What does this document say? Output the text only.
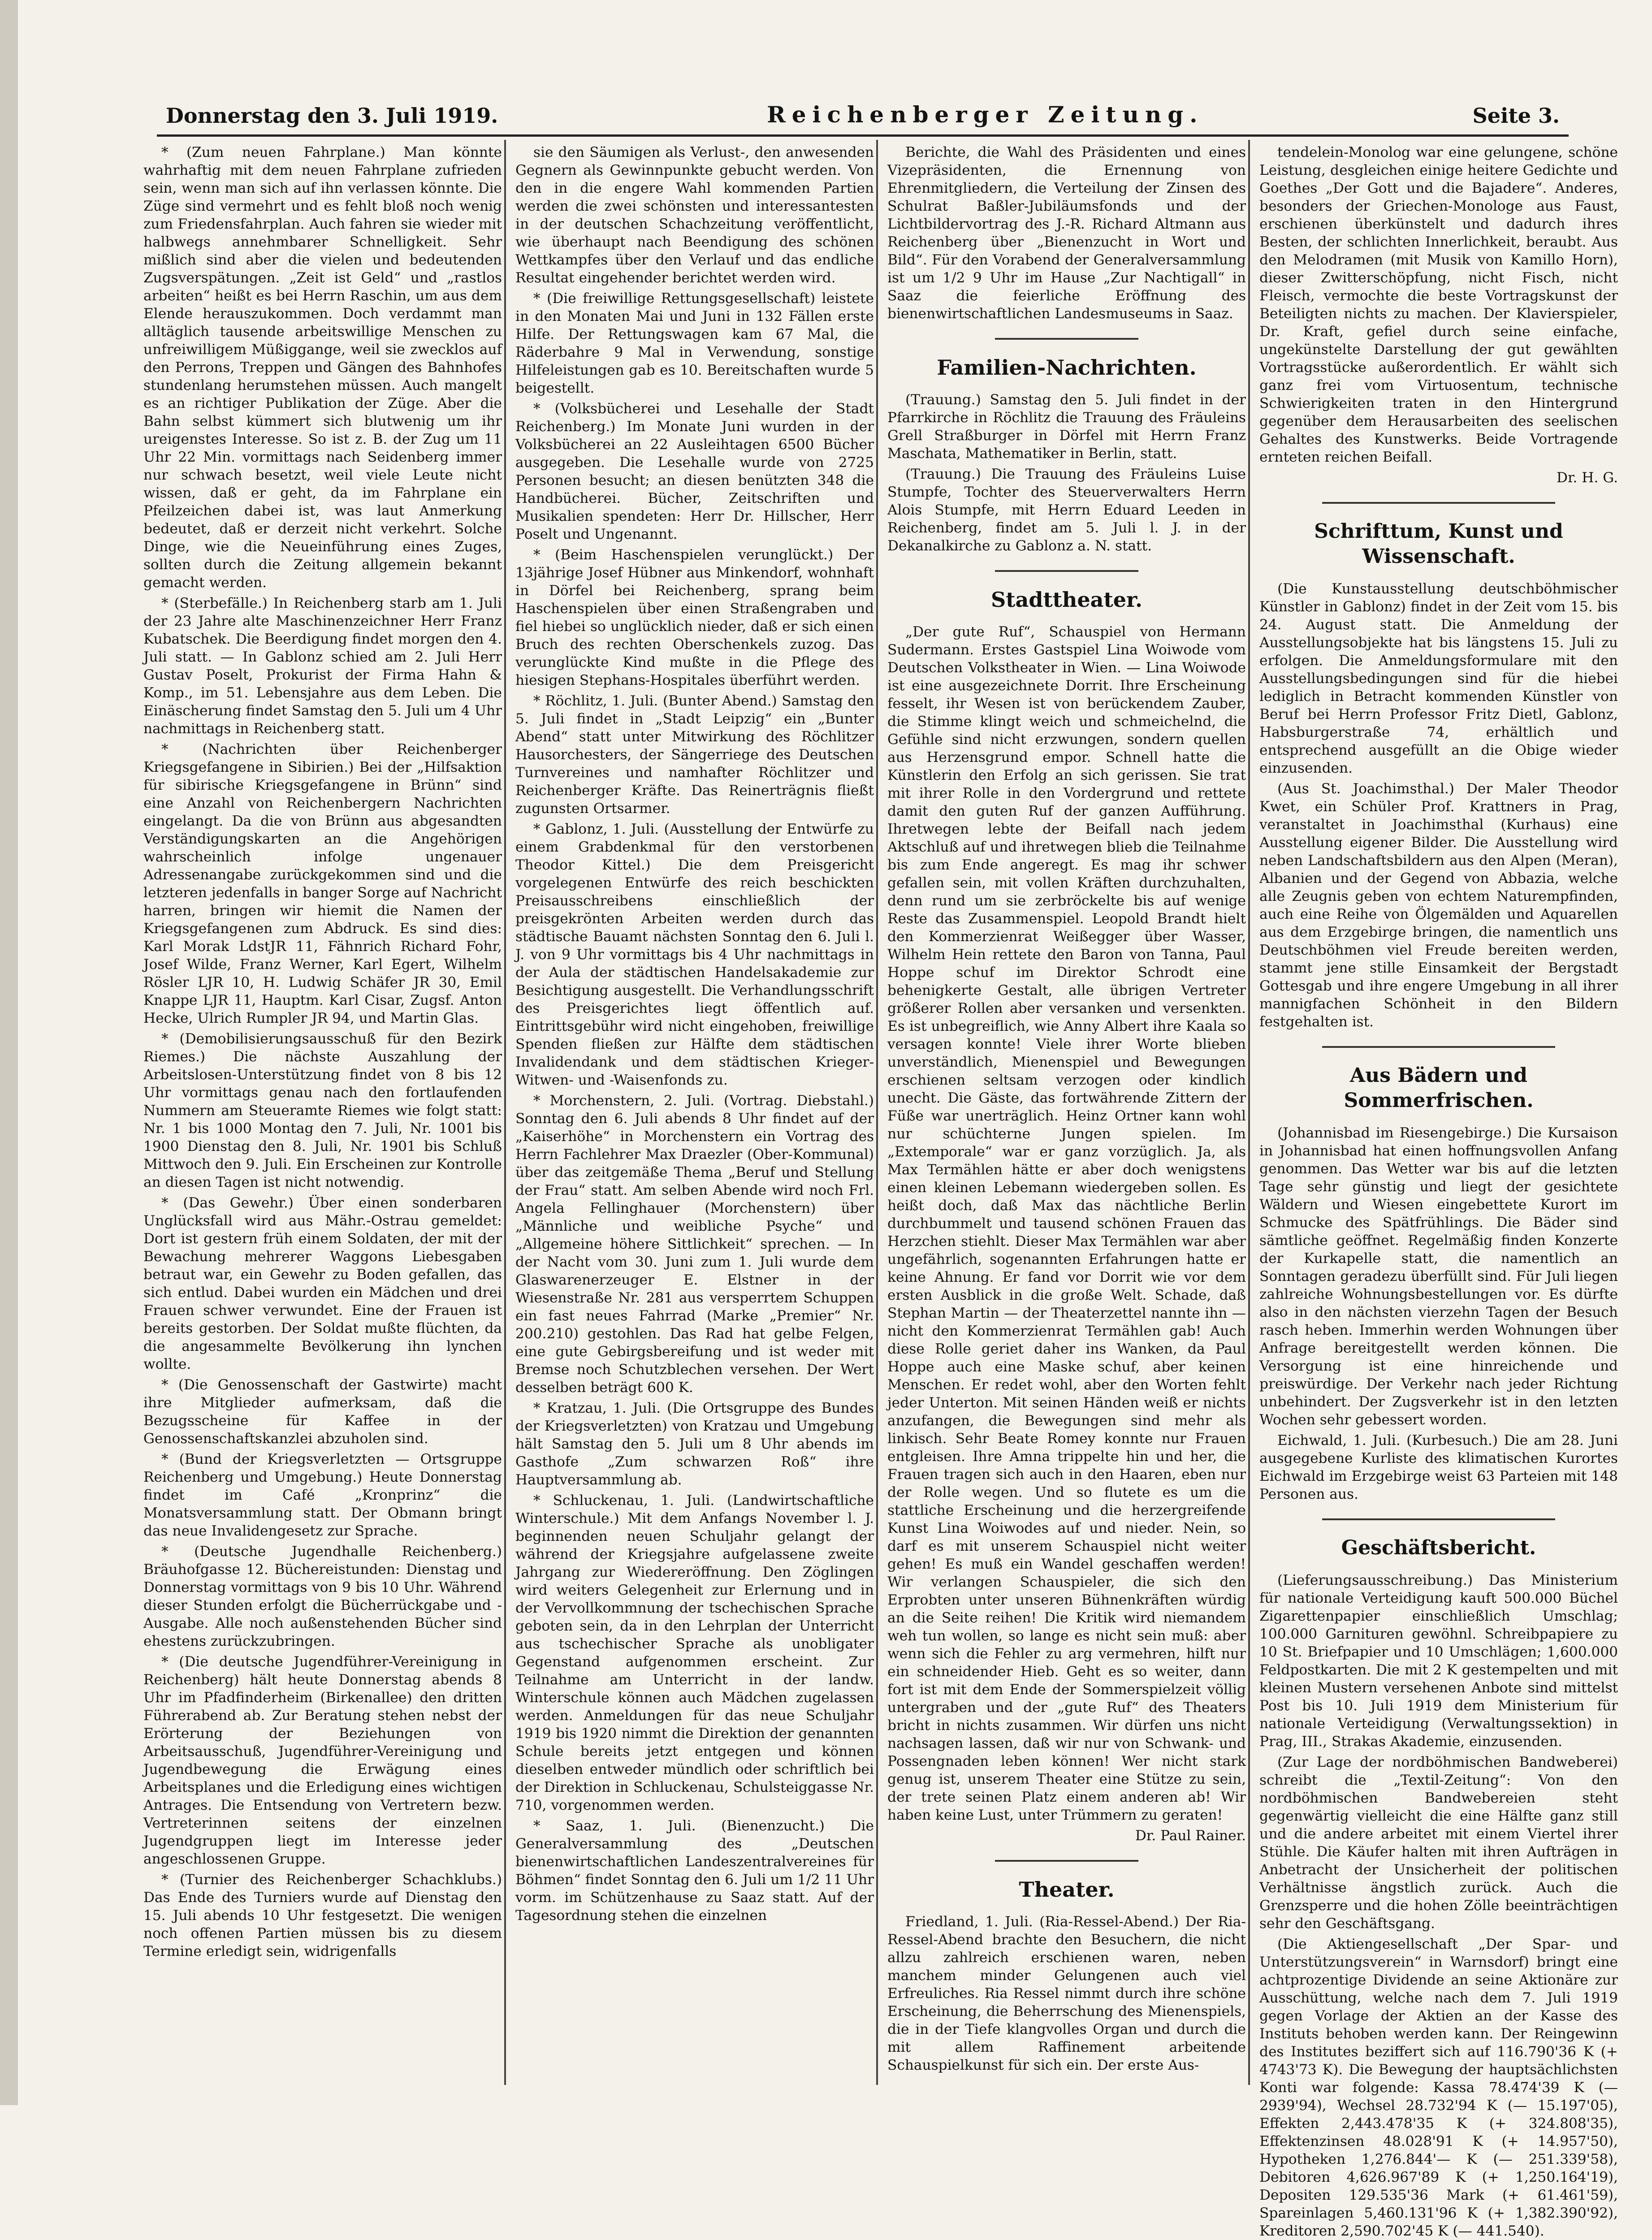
Donnerstag den 3. Juli 1919.	Reichenberger Zeitung.	Seite 3.

* (Zum neuen Fahrplane.) Man könnte wahrhaftig mit dem neuen Fahrplane zufrieden sein, wenn man sich auf ihn verlassen könnte. Die Züge sind vermehrt und es fehlt bloß noch wenig zum Friedensfahrplan. Auch fahren sie wieder mit halbwegs annehmbarer Schnelligkeit. Sehr mißlich sind aber die vielen und bedeutenden Zugsverspätungen. „Zeit ist Geld“ und „rastlos arbeiten“ heißt es bei Herrn Raschin, um aus dem Elende herauszukommen. Doch verdammt man alltäglich tausende arbeitswillige Menschen zu unfreiwilligem Müßiggange, weil sie zwecklos auf den Perrons, Treppen und Gängen des Bahnhofes stundenlang herumstehen müssen. Auch mangelt es an richtiger Publikation der Züge. Aber die Bahn selbst kümmert sich blutwenig um ihr ureigenstes Interesse. So ist z. B. der Zug um 11 Uhr 22 Min. vormittags nach Seidenberg immer nur schwach besetzt, weil viele Leute nicht wissen, daß er geht, da im Fahrplane ein Pfeilzeichen dabei ist, was laut Anmerkung bedeutet, daß er derzeit nicht verkehrt. Solche Dinge, wie die Neueinführung eines Zuges, sollten durch die Zeitung allgemein bekannt gemacht werden.

* (Sterbefälle.) In Reichenberg starb am 1. Juli der 23 Jahre alte Maschinenzeichner Herr Franz Kubatschek. Die Beerdigung findet morgen den 4. Juli statt. — In Gablonz schied am 2. Juli Herr Gustav Poselt, Prokurist der Firma Hahn & Komp., im 51. Lebensjahre aus dem Leben. Die Einäscherung findet Samstag den 5. Juli um 4 Uhr nachmittags in Reichenberg statt.

* (Nachrichten über Reichenberger Kriegsgefangene in Sibirien.) Bei der „Hilfsaktion für sibirische Kriegsgefangene in Brünn“ sind eine Anzahl von Reichenbergern Nachrichten eingelangt. Da die von Brünn aus abgesandten Verständigungskarten an die Angehörigen wahrscheinlich infolge ungenauer Adressenangabe zurückgekommen sind und die letzteren jedenfalls in banger Sorge auf Nachricht harren, bringen wir hiemit die Namen der Kriegsgefangenen zum Abdruck. Es sind dies: Karl Morak LdstJR 11, Fähnrich Richard Fohr, Josef Wilde, Franz Werner, Karl Egert, Wilhelm Rösler LJR 10, H. Ludwig Schäfer JR 30, Emil Knappe LJR 11, Hauptm. Karl Cisar, Zugsf. Anton Hecke, Ulrich Rumpler JR 94, und Martin Glas.

* (Demobilisierungsausschuß für den Bezirk Riemes.) Die nächste Auszahlung der Arbeitslosen-Unterstützung findet von 8 bis 12 Uhr vormittags genau nach den fortlaufenden Nummern am Steueramte Riemes wie folgt statt: Nr. 1 bis 1000 Montag den 7. Juli, Nr. 1001 bis 1900 Dienstag den 8. Juli, Nr. 1901 bis Schluß Mittwoch den 9. Juli. Ein Erscheinen zur Kontrolle an diesen Tagen ist nicht notwendig.

* (Das Gewehr.) Über einen sonderbaren Unglücksfall wird aus Mähr.-Ostrau gemeldet: Dort ist gestern früh einem Soldaten, der mit der Bewachung mehrerer Waggons Liebesgaben betraut war, ein Gewehr zu Boden gefallen, das sich entlud. Dabei wurden ein Mädchen und drei Frauen schwer verwundet. Eine der Frauen ist bereits gestorben. Der Soldat mußte flüchten, da die angesammelte Bevölkerung ihn lynchen wollte.

* (Die Genossenschaft der Gastwirte) macht ihre Mitglieder aufmerksam, daß die Bezugsscheine für Kaffee in der Genossenschaftskanzlei abzuholen sind.

* (Bund der Kriegsverletzten — Ortsgruppe Reichenberg und Umgebung.) Heute Donnerstag findet im Café „Kronprinz“ die Monatsversammlung statt. Der Obmann bringt das neue Invalidengesetz zur Sprache.

* (Deutsche Jugendhalle Reichenberg.) Bräuhofgasse 12. Büchereistunden: Dienstag und Donnerstag vormittags von 9 bis 10 Uhr. Während dieser Stunden erfolgt die Bücherrückgabe und -Ausgabe. Alle noch außenstehenden Bücher sind ehestens zurückzubringen.

* (Die deutsche Jugendführer-Vereinigung in Reichenberg) hält heute Donnerstag abends 8 Uhr im Pfadfinderheim (Birkenallee) den dritten Führerabend ab. Zur Beratung stehen nebst der Erörterung der Beziehungen von Arbeitsausschuß, Jugendführer-Vereinigung und Jugendbewegung die Erwägung eines Arbeitsplanes und die Erledigung eines wichtigen Antrages. Die Entsendung von Vertretern bezw. Vertreterinnen seitens der einzelnen Jugendgruppen liegt im Interesse jeder angeschlossenen Gruppe.

* (Turnier des Reichenberger Schachklubs.) Das Ende des Turniers wurde auf Dienstag den 15. Juli abends 10 Uhr festgesetzt. Die wenigen noch offenen Partien müssen bis zu diesem Termine erledigt sein, widrigenfalls

sie den Säumigen als Verlust-, den anwesenden Gegnern als Gewinnpunkte gebucht werden. Von den in die engere Wahl kommenden Partien werden die zwei schönsten und interessantesten in der deutschen Schachzeitung veröffentlicht, wie überhaupt nach Beendigung des schönen Wettkampfes über den Verlauf und das endliche Resultat eingehender berichtet werden wird.

* (Die freiwillige Rettungsgesellschaft) leistete in den Monaten Mai und Juni in 132 Fällen erste Hilfe. Der Rettungswagen kam 67 Mal, die Räderbahre 9 Mal in Verwendung, sonstige Hilfeleistungen gab es 10. Bereitschaften wurde 5 beigestellt.

* (Volksbücherei und Lesehalle der Stadt Reichenberg.) Im Monate Juni wurden in der Volksbücherei an 22 Ausleihtagen 6500 Bücher ausgegeben. Die Lesehalle wurde von 2725 Personen besucht; an diesen benützten 348 die Handbücherei. Bücher, Zeitschriften und Musikalien spendeten: Herr Dr. Hillscher, Herr Poselt und Ungenannt.

* (Beim Haschenspielen verunglückt.) Der 13jährige Josef Hübner aus Minkendorf, wohnhaft in Dörfel bei Reichenberg, sprang beim Haschenspielen über einen Straßengraben und fiel hiebei so unglücklich nieder, daß er sich einen Bruch des rechten Oberschenkels zuzog. Das verunglückte Kind mußte in die Pflege des hiesigen Stephans-Hospitales überführt werden.

* Röchlitz, 1. Juli. (Bunter Abend.) Samstag den 5. Juli findet in „Stadt Leipzig“ ein „Bunter Abend“ statt unter Mitwirkung des Röchlitzer Hausorchesters, der Sängerriege des Deutschen Turnvereines und namhafter Röchlitzer und Reichenberger Kräfte. Das Reinerträgnis fließt zugunsten Ortsarmer.

* Gablonz, 1. Juli. (Ausstellung der Entwürfe zu einem Grabdenkmal für den verstorbenen Theodor Kittel.) Die dem Preisgericht vorgelegenen Entwürfe des reich beschickten Preisausschreibens einschließlich der preisgekrönten Arbeiten werden durch das städtische Bauamt nächsten Sonntag den 6. Juli l. J. von 9 Uhr vormittags bis 4 Uhr nachmittags in der Aula der städtischen Handelsakademie zur Besichtigung ausgestellt. Die Verhandlungsschrift des Preisgerichtes liegt öffentlich auf. Eintrittsgebühr wird nicht eingehoben, freiwillige Spenden fließen zur Hälfte dem städtischen Invalidendank und dem städtischen Krieger-Witwen- und -Waisenfonds zu.

* Morchenstern, 2. Juli. (Vortrag. Diebstahl.) Sonntag den 6. Juli abends 8 Uhr findet auf der „Kaiserhöhe“ in Morchenstern ein Vortrag des Herrn Fachlehrer Max Draezler (Ober-Kommunal) über das zeitgemäße Thema „Beruf und Stellung der Frau“ statt. Am selben Abende wird noch Frl. Angela Fellinghauer (Morchenstern) über „Männliche und weibliche Psyche“ und „Allgemeine höhere Sittlichkeit“ sprechen. — In der Nacht vom 30. Juni zum 1. Juli wurde dem Glaswarenerzeuger E. Elstner in der Wiesenstraße Nr. 281 aus versperrtem Schuppen ein fast neues Fahrrad (Marke „Premier“ Nr. 200.210) gestohlen. Das Rad hat gelbe Felgen, eine gute Gebirgsbereifung und ist weder mit Bremse noch Schutzblechen versehen. Der Wert desselben beträgt 600 K.

* Kratzau, 1. Juli. (Die Ortsgruppe des Bundes der Kriegsverletzten) von Kratzau und Umgebung hält Samstag den 5. Juli um 8 Uhr abends im Gasthofe „Zum schwarzen Roß“ ihre Hauptversammlung ab.

* Schluckenau, 1. Juli. (Landwirtschaftliche Winterschule.) Mit dem Anfangs November l. J. beginnenden neuen Schuljahr gelangt der während der Kriegsjahre aufgelassene zweite Jahrgang zur Wiedereröffnung. Den Zöglingen wird weiters Gelegenheit zur Erlernung und in der Vervollkommnung der tschechischen Sprache geboten sein, da in den Lehrplan der Unterricht aus tschechischer Sprache als unobligater Gegenstand aufgenommen erscheint. Zur Teilnahme am Unterricht in der landw. Winterschule können auch Mädchen zugelassen werden. Anmeldungen für das neue Schuljahr 1919 bis 1920 nimmt die Direktion der genannten Schule bereits jetzt entgegen und können dieselben entweder mündlich oder schriftlich bei der Direktion in Schluckenau, Schulsteiggasse Nr. 710, vorgenommen werden.

* Saaz, 1. Juli. (Bienenzucht.) Die Generalversammlung des „Deutschen bienenwirtschaftlichen Landeszentralvereines für Böhmen“ findet Sonntag den 6. Juli um 1/2 11 Uhr vorm. im Schützenhause zu Saaz statt. Auf der Tagesordnung stehen die einzelnen

Berichte, die Wahl des Präsidenten und eines Vizepräsidenten, die Ernennung von Ehrenmitgliedern, die Verteilung der Zinsen des Schulrat Baßler-Jubiläumsfonds und der Lichtbildervortrag des J.-R. Richard Altmann aus Reichenberg über „Bienenzucht in Wort und Bild“. Für den Vorabend der Generalversammlung ist um 1/2 9 Uhr im Hause „Zur Nachtigall“ in Saaz die feierliche Eröffnung des bienenwirtschaftlichen Landesmuseums in Saaz.

Familien-Nachrichten.

(Trauung.) Samstag den 5. Juli findet in der Pfarrkirche in Röchlitz die Trauung des Fräuleins Grell Straßburger in Dörfel mit Herrn Franz Maschata, Mathematiker in Berlin, statt.

(Trauung.) Die Trauung des Fräuleins Luise Stumpfe, Tochter des Steuerverwalters Herrn Alois Stumpfe, mit Herrn Eduard Leeden in Reichenberg, findet am 5. Juli l. J. in der Dekanalkirche zu Gablonz a. N. statt.

Stadttheater.

„Der gute Ruf“, Schauspiel von Hermann Sudermann. Erstes Gastspiel Lina Woiwode vom Deutschen Volkstheater in Wien. — Lina Woiwode ist eine ausgezeichnete Dorrit. Ihre Erscheinung fesselt, ihr Wesen ist von berückendem Zauber, die Stimme klingt weich und schmeichelnd, die Gefühle sind nicht erzwungen, sondern quellen aus Herzensgrund empor. Schnell hatte die Künstlerin den Erfolg an sich gerissen. Sie trat mit ihrer Rolle in den Vordergrund und rettete damit den guten Ruf der ganzen Aufführung. Ihretwegen lebte der Beifall nach jedem Aktschluß auf und ihretwegen blieb die Teilnahme bis zum Ende angeregt. Es mag ihr schwer gefallen sein, mit vollen Kräften durchzuhalten, denn rund um sie zerbröckelte bis auf wenige Reste das Zusammenspiel. Leopold Brandt hielt den Kommerzienrat Weißegger über Wasser, Wilhelm Hein rettete den Baron von Tanna, Paul Hoppe schuf im Direktor Schrodt eine behenigkerte Gestalt, alle übrigen Vertreter größerer Rollen aber versanken und versenkten. Es ist unbegreiflich, wie Anny Albert ihre Kaala so versagen konnte! Viele ihrer Worte blieben unverständlich, Mienenspiel und Bewegungen erschienen seltsam verzogen oder kindlich unecht. Die Gäste, das fortwährende Zittern der Füße war unerträglich. Heinz Ortner kann wohl nur schüchterne Jungen spielen. Im „Extemporale“ war er ganz vorzüglich. Ja, als Max Termählen hätte er aber doch wenigstens einen kleinen Lebemann wiedergeben sollen. Es heißt doch, daß Max das nächtliche Berlin durchbummelt und tausend schönen Frauen das Herzchen stiehlt. Dieser Max Termählen war aber ungefährlich, sogenannten Erfahrungen hatte er keine Ahnung. Er fand vor Dorrit wie vor dem ersten Ausblick in die große Welt. Schade, daß Stephan Martin — der Theaterzettel nannte ihn — nicht den Kommerzienrat Termählen gab! Auch diese Rolle geriet daher ins Wanken, da Paul Hoppe auch eine Maske schuf, aber keinen Menschen. Er redet wohl, aber den Worten fehlt jeder Unterton. Mit seinen Händen weiß er nichts anzufangen, die Bewegungen sind mehr als linkisch. Sehr Beate Romey konnte nur Frauen entgleisen. Ihre Amna trippelte hin und her, die Frauen tragen sich auch in den Haaren, eben nur der Rolle wegen. Und so flutete es um die stattliche Erscheinung und die herzergreifende Kunst Lina Woiwodes auf und nieder. Nein, so darf es mit unserem Schauspiel nicht weiter gehen! Es muß ein Wandel geschaffen werden! Wir verlangen Schauspieler, die sich den Erprobten unter unseren Bühnenkräften würdig an die Seite reihen! Die Kritik wird niemandem weh tun wollen, so lange es nicht sein muß: aber wenn sich die Fehler zu arg vermehren, hilft nur ein schneidender Hieb. Geht es so weiter, dann fort ist mit dem Ende der Sommerspielzeit völlig untergraben und der „gute Ruf“ des Theaters bricht in nichts zusammen. Wir dürfen uns nicht nachsagen lassen, daß wir nur von Schwank- und Possengnaden leben können! Wer nicht stark genug ist, unserem Theater eine Stütze zu sein, der trete seinen Platz einem anderen ab! Wir haben keine Lust, unter Trümmern zu geraten!

Dr. Paul Rainer.
Theater.

Friedland, 1. Juli. (Ria-Ressel-Abend.) Der Ria-Ressel-Abend brachte den Besuchern, die nicht allzu zahlreich erschienen waren, neben manchem minder Gelungenen auch viel Erfreuliches. Ria Ressel nimmt durch ihre schöne Erscheinung, die Beherrschung des Mienenspiels, die in der Tiefe klangvolles Organ und durch die mit allem Raffinement arbeitende Schauspielkunst für sich ein. Der erste Aus-

tendelein-Monolog war eine gelungene, schöne Leistung, desgleichen einige heitere Gedichte und Goethes „Der Gott und die Bajadere“. Anderes, besonders der Griechen-Monologe aus Faust, erschienen überkünstelt und dadurch ihres Besten, der schlichten Innerlichkeit, beraubt. Aus den Melodramen (mit Musik von Kamillo Horn), dieser Zwitterschöpfung, nicht Fisch, nicht Fleisch, vermochte die beste Vortragskunst der Beteiligten nichts zu machen. Der Klavierspieler, Dr. Kraft, gefiel durch seine einfache, ungekünstelte Darstellung der gut gewählten Vortragsstücke außerordentlich. Er wählt sich ganz frei vom Virtuosentum, technische Schwierigkeiten traten in den Hintergrund gegenüber dem Herausarbeiten des seelischen Gehaltes des Kunstwerks. Beide Vortragende ernteten reichen Beifall.

Dr. H. G.
Schrifttum, Kunst und Wissenschaft.

(Die Kunstausstellung deutschböhmischer Künstler in Gablonz) findet in der Zeit vom 15. bis 24. August statt. Die Anmeldung der Ausstellungsobjekte hat bis längstens 15. Juli zu erfolgen. Die Anmeldungsformulare mit den Ausstellungsbedingungen sind für die hiebei lediglich in Betracht kommenden Künstler von Beruf bei Herrn Professor Fritz Dietl, Gablonz, Habsburgerstraße 74, erhältlich und entsprechend ausgefüllt an die Obige wieder einzusenden.

(Aus St. Joachimsthal.) Der Maler Theodor Kwet, ein Schüler Prof. Krattners in Prag, veranstaltet in Joachimsthal (Kurhaus) eine Ausstellung eigener Bilder. Die Ausstellung wird neben Landschaftsbildern aus den Alpen (Meran), Albanien und der Gegend von Abbazia, welche alle Zeugnis geben von echtem Naturempfinden, auch eine Reihe von Ölgemälden und Aquarellen aus dem Erzgebirge bringen, die namentlich uns Deutschböhmen viel Freude bereiten werden, stammt jene stille Einsamkeit der Bergstadt Gottesgab und ihre engere Umgebung in all ihrer mannigfachen Schönheit in den Bildern festgehalten ist.

Aus Bädern und Sommerfrischen.

(Johannisbad im Riesengebirge.) Die Kursaison in Johannisbad hat einen hoffnungsvollen Anfang genommen. Das Wetter war bis auf die letzten Tage sehr günstig und liegt der gesichtete Wäldern und Wiesen eingebettete Kurort im Schmucke des Spätfrühlings. Die Bäder sind sämtliche geöffnet. Regelmäßig finden Konzerte der Kurkapelle statt, die namentlich an Sonntagen geradezu überfüllt sind. Für Juli liegen zahlreiche Wohnungsbestellungen vor. Es dürfte also in den nächsten vierzehn Tagen der Besuch rasch heben. Immerhin werden Wohnungen über Anfrage bereitgestellt werden können. Die Versorgung ist eine hinreichende und preiswürdige. Der Verkehr nach jeder Richtung unbehindert. Der Zugsverkehr ist in den letzten Wochen sehr gebessert worden.

Eichwald, 1. Juli. (Kurbesuch.) Die am 28. Juni ausgegebene Kurliste des klimatischen Kurortes Eichwald im Erzgebirge weist 63 Parteien mit 148 Personen aus.

Geschäftsbericht.

(Lieferungsausschreibung.) Das Ministerium für nationale Verteidigung kauft 500.000 Büchel Zigarettenpapier einschließlich Umschlag; 100.000 Garnituren gewöhnl. Schreibpapiere zu 10 St. Briefpapier und 10 Umschlägen; 1,600.000 Feldpostkarten. Die mit 2 K gestempelten und mit kleinen Mustern versehenen Anbote sind mittelst Post bis 10. Juli 1919 dem Ministerium für nationale Verteidigung (Verwaltungssektion) in Prag, III., Strakas Akademie, einzusenden.

(Zur Lage der nordböhmischen Bandweberei) schreibt die „Textil-Zeitung“: Von den nordböhmischen Bandwebereien steht gegenwärtig vielleicht die eine Hälfte ganz still und die andere arbeitet mit einem Viertel ihrer Stühle. Die Käufer halten mit ihren Aufträgen in Anbetracht der Unsicherheit der politischen Verhältnisse ängstlich zurück. Auch die Grenzsperre und die hohen Zölle beeinträchtigen sehr den Geschäftsgang.

(Die Aktiengesellschaft „Der Spar- und Unterstützungsverein“ in Warnsdorf) bringt eine achtprozentige Dividende an seine Aktionäre zur Ausschüttung, welche nach dem 7. Juli 1919 gegen Vorlage der Aktien an der Kasse des Instituts behoben werden kann. Der Reingewinn des Institutes beziffert sich auf 116.790'36 K (+ 4743'73 K). Die Bewegung der hauptsächlichsten Konti war folgende: Kassa 78.474'39 K (— 2939'94), Wechsel 28.732'94 K (— 15.197'05), Effekten 2,443.478'35 K (+ 324.808'35), Effektenzinsen 48.028'91 K (+ 14.957'50), Hypotheken 1,276.844'— K (— 251.339'58), Debitoren 4,626.967'89 K (+ 1,250.164'19), Depositen 129.535'36 Mark (+ 61.461'59), Spareinlagen 5,460.131'96 K (+ 1,382.390'92), Kreditoren 2,590.702'45 K (— 441.540).
